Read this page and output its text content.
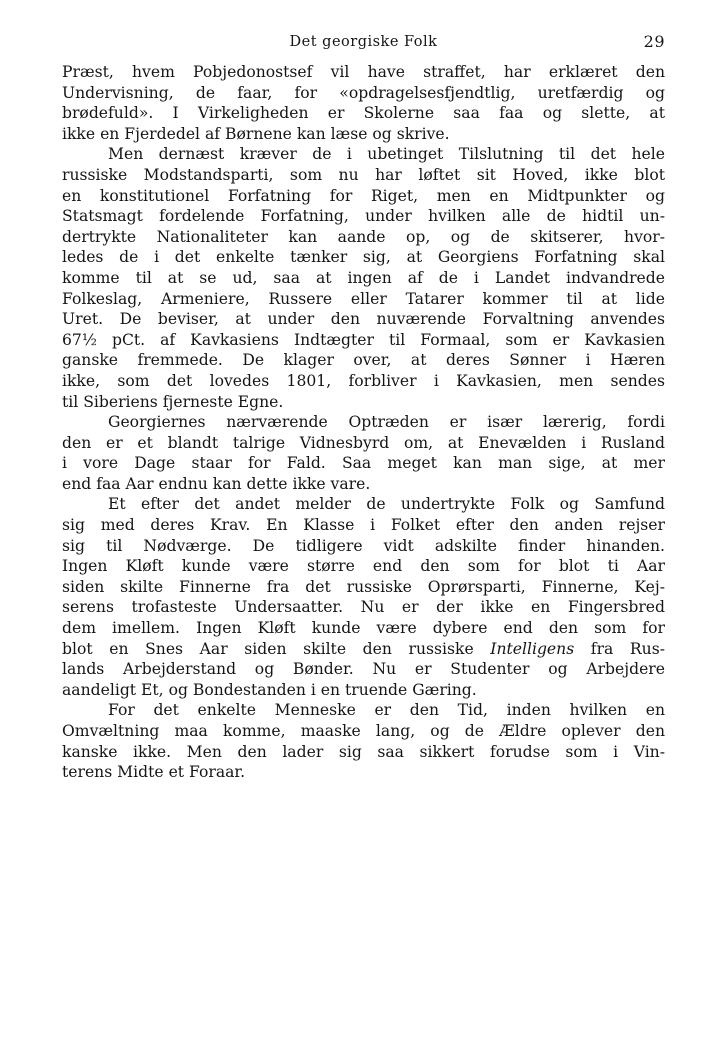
Det georgiske Folk	29
Præst, hvem Pobjedonostsef vil have straffet, har erklæret den
Undervisning, de faar, for «opdragelsesfjendtlig, uretfærdig og
brødefuld». I Virkeligheden er Skolerne saa faa og slette, at
ikke en Fjerdedel af Børnene kan læse og skrive.
Men dernæst kræver de i ubetinget Tilslutning til det hele
russiske Modstandsparti, som nu har løftet sit Hoved, ikke blot
en konstitutionel Forfatning for Riget, men en Midtpunkter og
Statsmagt fordelende Forfatning, under hvilken alle de hidtil un-
dertrykte Nationaliteter kan aande op, og de skitserer, hvor-
ledes de i det enkelte tænker sig, at Georgiens Forfatning skal
komme til at se ud, saa at ingen af de i Landet indvandrede
Folkeslag, Armeniere, Russere eller Tatarer kommer til at lide
Uret. De beviser, at under den nuværende Forvaltning anvendes
67½ pCt. af Kavkasiens Indtægter til Formaal, som er Kavkasien
ganske fremmede. De klager over, at deres Sønner i Hæren
ikke, som det lovedes 1801, forbliver i Kavkasien, men sendes
til Siberiens fjerneste Egne.
Georgiernes nærværende Optræden er især lærerig, fordi
den er et blandt talrige Vidnesbyrd om, at Enevælden i Rusland
i vore Dage staar for Fald. Saa meget kan man sige, at mer
end faa Aar endnu kan dette ikke vare.
Et efter det andet melder de undertrykte Folk og Samfund
sig med deres Krav. En Klasse i Folket efter den anden rejser
sig til Nødværge. De tidligere vidt adskilte finder hinanden.
Ingen Kløft kunde være større end den som for blot ti Aar
siden skilte Finnerne fra det russiske Oprørsparti, Finnerne, Kej-
serens trofasteste Undersaatter. Nu er der ikke en Fingersbred
dem imellem. Ingen Kløft kunde være dybere end den som for
blot en Snes Aar siden skilte den russiske Intelligens fra Rus-
lands Arbejderstand og Bønder. Nu er Studenter og Arbejdere
aandeligt Et, og Bondestanden i en truende Gæring.
For det enkelte Menneske er den Tid, inden hvilken en
Omvæltning maa komme, maaske lang, og de Ældre oplever den
kanske ikke. Men den lader sig saa sikkert forudse som i Vin-
terens Midte et Foraar.
